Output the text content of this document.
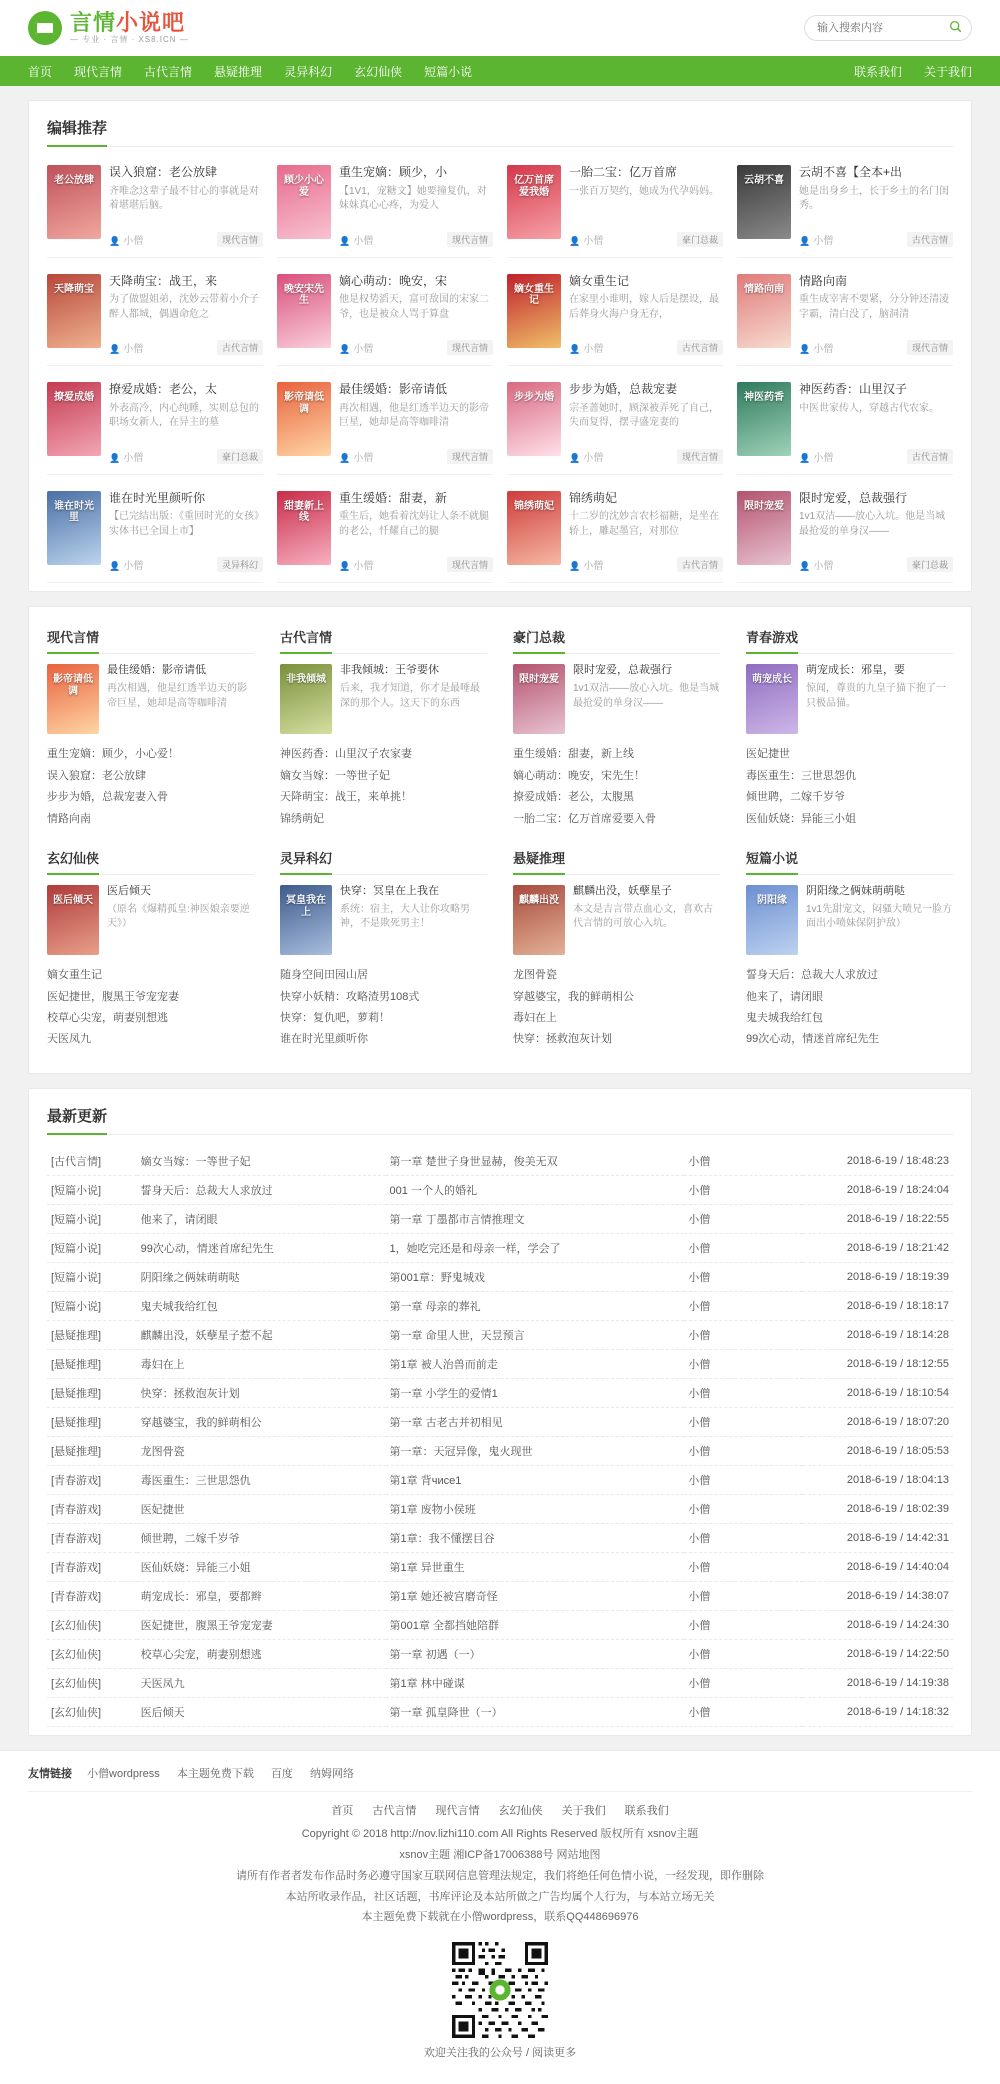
言情小说吧
— 专业 · 言情 · XS8.ICN —
输入搜索内容
首页 现代言情 古代言情 悬疑推理 灵异科幻 玄幻仙侠 短篇小说	联系我们 关于我们
编辑推荐
老公放肆
误入狼窟：老公放肆
齐唯念这辈子最不甘心的事就是对着堪堪后脑。
👤 小僧	现代言情
顾少小心爱
重生宠嫡：顾少，小
【1V1，宠糖文】她要撞复仇，对妹妹真心心疼，为爱人
👤 小僧	现代言情
亿万首席爱我婚
一胎二宝：亿万首席
一张百万契约，她成为代孕妈妈。
👤 小僧	豪门总裁
云胡不喜
云胡不喜【全本+出
她是出身乡土，长于乡土的名门闺秀。
👤 小僧	古代言情
天降萌宝
天降萌宝：战王，来
为了做盟姐弟，沈妙云带着小介子醉人都城，偶遇命危之
👤 小僧	古代言情
晚安宋先生
嫡心萌动：晚安，宋
他是权势滔天，富可敌国的宋家二爷，也是被众人骂于算盘
👤 小僧	现代言情
嫡女重生记
嫡女重生记
在家里小谁明，嫁人后是摆设，最后葬身火海户身无存，
👤 小僧	古代言情
情路向南
情路向南
重生成宰害不要紧，分分钟还清凌字霸，清白没了，脑洞清
👤 小僧	现代言情
撩爱成婚
撩爱成婚：老公，太
外表高冷，内心纯睡，实则总包的职场女新人，在异主的墓
👤 小僧	豪门总裁
影帝请低调
最佳缓婚：影帝请低
再次相遇，他是红透半边天的影帝巨星，她却是高等咖啡清
👤 小僧	现代言情
步步为婚
步步为婚，总裁宠妻
宗圣蔷她时，顾深被弄死了自己，失而复得，摆寻盛宠妻的
👤 小僧	现代言情
神医药香
神医药香：山里汉子
中医世家传人，穿越古代农家。
👤 小僧	古代言情
谁在时光里
谁在时光里颜听你
【已完结出版：《重回时光的女孩》实体书已全国上市】
👤 小僧	灵异科幻
甜妻新上线
重生缓婚：甜妻，新
重生后，她看着沈妈让人条不就腿的老公，忏耀自己的腿
👤 小僧	现代言情
锦绣萌妃
锦绣萌妃
十二岁的沈妙言农杉福糖，是坐在轿上，雕起墨宫，对那位
👤 小僧	古代言情
限时宠爱
限时宠爱，总裁强行
1v1双洁——放心入坑。他是当城最抢爱的单身汉——
👤 小僧	豪门总裁
现代言情
影帝请低调
最佳缓婚：影帝请低
再次相遇，他是红透半边天的影帝巨星，她却是高等咖啡清
重生宠嫡：顾少，小心爱！
误入狼窟：老公放肆
步步为婚，总裁宠妻入骨
情路向南
古代言情
非我倾城
非我倾城：王爷要休
后来，我才知道，你才是最唾最深的那个人。这天下的东西
神医药香：山里汉子农家妻
嫡女当嫁：一等世子妃
天降萌宝：战王，来单挑！
锦绣萌妃
豪门总裁
限时宠爱
限时宠爱，总裁强行
1v1双洁——放心入坑。他是当城最抢爱的单身汉——
重生缓婚：甜妻，新上线
嫡心萌动：晚安，宋先生！
撩爱成婚：老公，太腹黑
一胎二宝：亿万首席爱要入骨
青春游戏
萌宠成长
萌宠成长：邪皇，要
惊闻，尊贵的九皇子猫下抱了一只极品猫。
医妃捷世
毒医重生：三世思怨仇
倾世聘，二嫁千岁爷
医仙妖娆：异能三小姐
玄幻仙侠
医后倾天
医后倾天
（原名《爆精孤皇:神医娘亲要逆天》）
嫡女重生记
医妃捷世，腹黑王爷宠宠妻
校草心尖宠，萌妻别想逃
天医凤九
灵异科幻
冥皇我在上
快穿：冥皇在上我在
系统：宿主，大人让你攻略男神，不是欺死男主！
随身空间田园山居
快穿小妖精：攻略渣男108式
快穿：复仇吧，萝莉！
谁在时光里颜听你
悬疑推理
麒麟出没
麒麟出没，妖孽星子
本文是吉言带点血心文，喜欢古代言情的可放心入坑。
龙图骨瓷
穿越婆宝，我的鲜萌相公
毒妇在上
快穿：拯救泡灰计划
短篇小说
阴阳缘
阴阳缘之俩妹萌萌哒
1v1先甜宠文，闷骚大喷兄一脸方面出小喷妹保阴护敌）
誓身天后：总裁大人求放过
他来了，请闭眼
鬼夫城我给红包
99次心动，情迷首席纪先生
最新更新
[古代言情]	嫡女当嫁：一等世子妃	第一章 楚世子身世显赫，俊美无双	小僧	2018-6-19 / 18:48:23
[短篇小说]	誓身天后：总裁大人求放过	001 一个人的婚礼	小僧	2018-6-19 / 18:24:04
[短篇小说]	他来了，请闭眼	第一章 丁墨都市言情推理文	小僧	2018-6-19 / 18:22:55
[短篇小说]	99次心动，情迷首席纪先生	1，她吃完还是和母亲一样，学会了	小僧	2018-6-19 / 18:21:42
[短篇小说]	阴阳缘之俩妹萌萌哒	第001章：野鬼城戏	小僧	2018-6-19 / 18:19:39
[短篇小说]	鬼夫城我给红包	第一章 母亲的葬礼	小僧	2018-6-19 / 18:18:17
[悬疑推理]	麒麟出没，妖孽星子惹不起	第一章 命里人世，天昱预言	小僧	2018-6-19 / 18:14:28
[悬疑推理]	毒妇在上	第1章 被人治兽而前走	小僧	2018-6-19 / 18:12:55
[悬疑推理]	快穿：拯救泡灰计划	第一章 小学生的爱情1	小僧	2018-6-19 / 18:10:54
[悬疑推理]	穿越婆宝，我的鲜萌相公	第一章 古老古并初相见	小僧	2018-6-19 / 18:07:20
[悬疑推理]	龙图骨瓷	第一章：天冠异像，鬼火现世	小僧	2018-6-19 / 18:05:53
[青春游戏]	毒医重生：三世思怨仇	第1章 背чисе1	小僧	2018-6-19 / 18:04:13
[青春游戏]	医妃捷世	第1章 废物小侯班	小僧	2018-6-19 / 18:02:39
[青春游戏]	倾世聘，二嫁千岁爷	第1章：我不懂摆目谷	小僧	2018-6-19 / 14:42:31
[青春游戏]	医仙妖娆：异能三小姐	第1章 异世重生	小僧	2018-6-19 / 14:40:04
[青春游戏]	萌宠成长：邪皇，要都辫	第1章 她还被宫磨奇怪	小僧	2018-6-19 / 14:38:07
[玄幻仙侠]	医妃捷世，腹黑王爷宠宠妻	第001章 全都挡她陪群	小僧	2018-6-19 / 14:24:30
[玄幻仙侠]	校草心尖宠，萌妻别想逃	第一章 初遇（一）	小僧	2018-6-19 / 14:22:50
[玄幻仙侠]	天医凤九	第1章 林中碰谋	小僧	2018-6-19 / 14:19:38
[玄幻仙侠]	医后倾天	第一章 孤皇降世（一）	小僧	2018-6-19 / 14:18:32
友情链接 小僧wordpress 本主题免费下载 百度 纳姆网络
首页 古代言情 现代言情 玄幻仙侠 关于我们 联系我们
Copyright © 2018 http://nov.lizhi110.com All Rights Reserved 版权所有 xsnov主题
xsnov主题 湘ICP备17006388号 网站地图
请所有作者者发布作品时务必遵守国家互联网信息管理法规定，我们将绝任何色情小说，一经发现，即作删除
本站所收录作品，社区话题，书库评论及本站所做之广告均属个人行为，与本站立场无关
本主题免费下载就在小僧wordpress，联系QQ448696976
欢迎关注我的公众号 / 阅读更多
